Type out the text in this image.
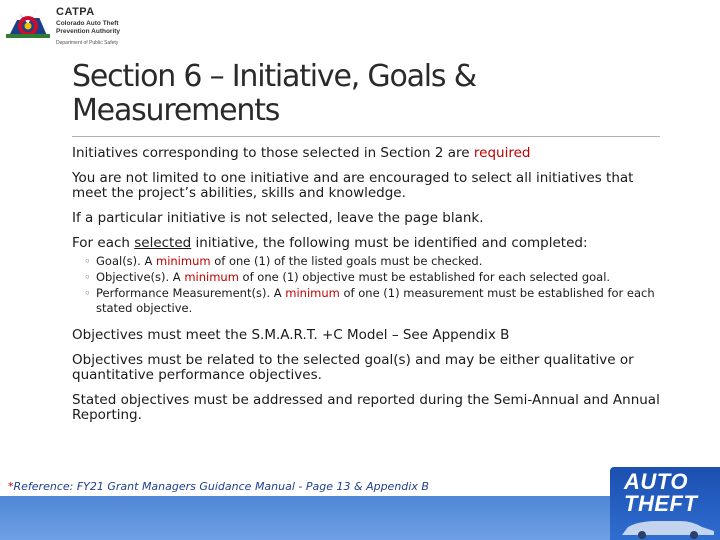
CATPA
Colorado Auto Theft
Prevention Authority
Department of Public Safety
Section 6 – Initiative, Goals &
Measurements

Initiatives corresponding to those selected in Section 2 are required

You are not limited to one initiative and are encouraged to select all initiatives that meet the project’s abilities, skills and knowledge.

If a particular initiative is not selected, leave the page blank.

For each selected initiative, the following must be identified and completed:

◦ Goal(s). A minimum of one (1) of the listed goals must be checked.
◦ Objective(s). A minimum of one (1) objective must be established for each selected goal.
◦ Performance Measurement(s). A minimum of one (1) measurement must be established for each stated objective.

Objectives must meet the S.M.A.R.T. +C Model – See Appendix B

Objectives must be related to the selected goal(s) and may be either qualitative or quantitative performance objectives.

Stated objectives must be addressed and reported during the Semi-Annual and Annual Reporting.

*Reference: FY21 Grant Managers Guidance Manual - Page 13 & Appendix B	AUTO
THEFT
